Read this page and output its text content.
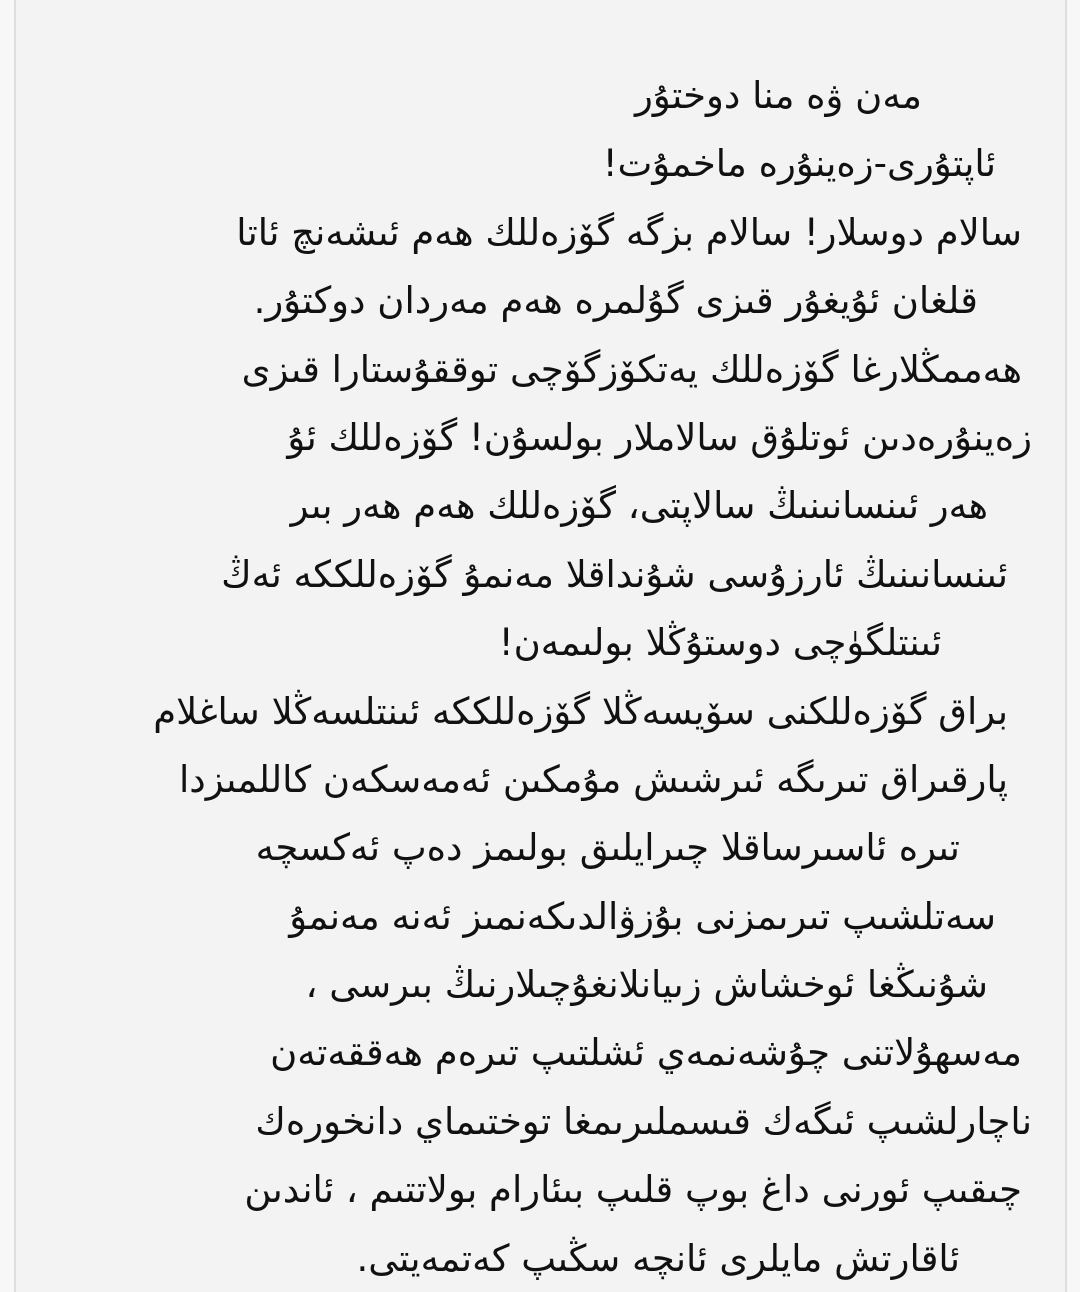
مەن ۋە منا دوختۇر
ئاپتۇرى-زەينۇرە ماخمۇت!
سالام دوسلار! سالام بزگە گۆزەللك هەم ئىشەنچ ئاتا
قلغان ئۇيغۇر قىزى گۇلمرە هەم مەردان دوكتۇر.
هەممڭلارغا گۆزەللك يەتكۆزگۆچى توققۇستارا قىزى
زەينۇرەدىن ئوتلۇق سالاملار بولسۇن! گۆزەللك ئۇ
هەر ئىنسانىنىڭ سالاپتى، گۆزەللك هەم هەر بىر
ئىنسانىنىڭ ئارزۇسى شۇنداقلا مەنمۇ گۆزەللككە ئەڭ
ئىنتلگۈچى دوستۇڭلا بولىمەن!
براق گۆزەللكنى سۆيسەڭلا گۆزەللككە ئىنتلسەڭلا ساغلام
پارقىراق تىرىگە ئىرشىش مۇمكىن ئەمەسكەن كاللمىزدا
تىرە ئاسىرساقلا چىرايلىق بولىمز دەپ ئەكسچە
سەتلشىپ تىرىمزنى بۇزۋالدىكەنمىز ئەنە مەنمۇ
شۇنىڭغا ئوخشاش زىيانلانغۇچىلارنىڭ بىرسى ،
مەسھۇلاتنى چۇشەنمەي ئشلتىپ تىرەم هەققەتەن
ناچارلشىپ ئىگەك قىسملىرىمغا توختىماي دانخورەك
چىقىپ ئورنى داغ بوپ قلىپ بىئارام بولاتتىم ، ئاندىن
ئاقارتش مايلرى ئانچە سڭىپ كەتمەيتى.
